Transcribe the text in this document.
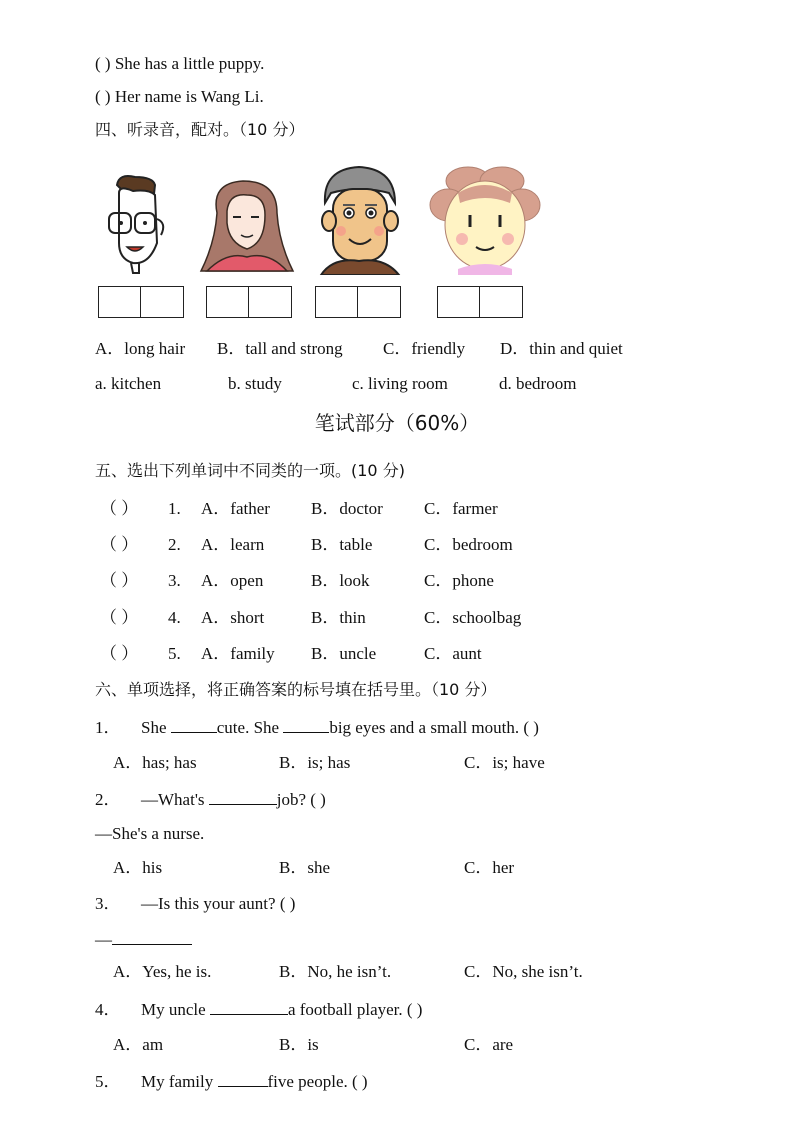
( ) She has a little puppy.
( ) Her name is Wang Li.
四、听录音，配对。（10 分）
A．long hair B．tall and strong C．friendly D．thin and quiet
a. kitchen	b. study	c. living room	d. bedroom
笔试部分（60%）
五、选出下列单词中不同类的一项。(10 分)
（ ） 1. A．father B．doctor C．farmer
（ ） 2. A．learn	B．table	C．bedroom
（ ） 3. A．open	B．look	C．phone
（ ） 4. A．short	B．thin	C．schoolbag
（ ） 5. A．family B．uncle	C．aunt
六、单项选择，将正确答案的标号填在括号里。（10 分）
1． She	cute. She	big eyes and a small mouth. ( )
A．has; has	B．is; has	C．is; have
2． —What's	job? ( )
—She's a nurse.
A．his	B．she	C．her
3． —Is this your aunt? ( )
—
A．Yes, he is.	B．No, he isn’t.	C．No, she isn’t.
4． My uncle	a football player. ( )
A．am	B．is	C．are
5． My family	five people. ( )
